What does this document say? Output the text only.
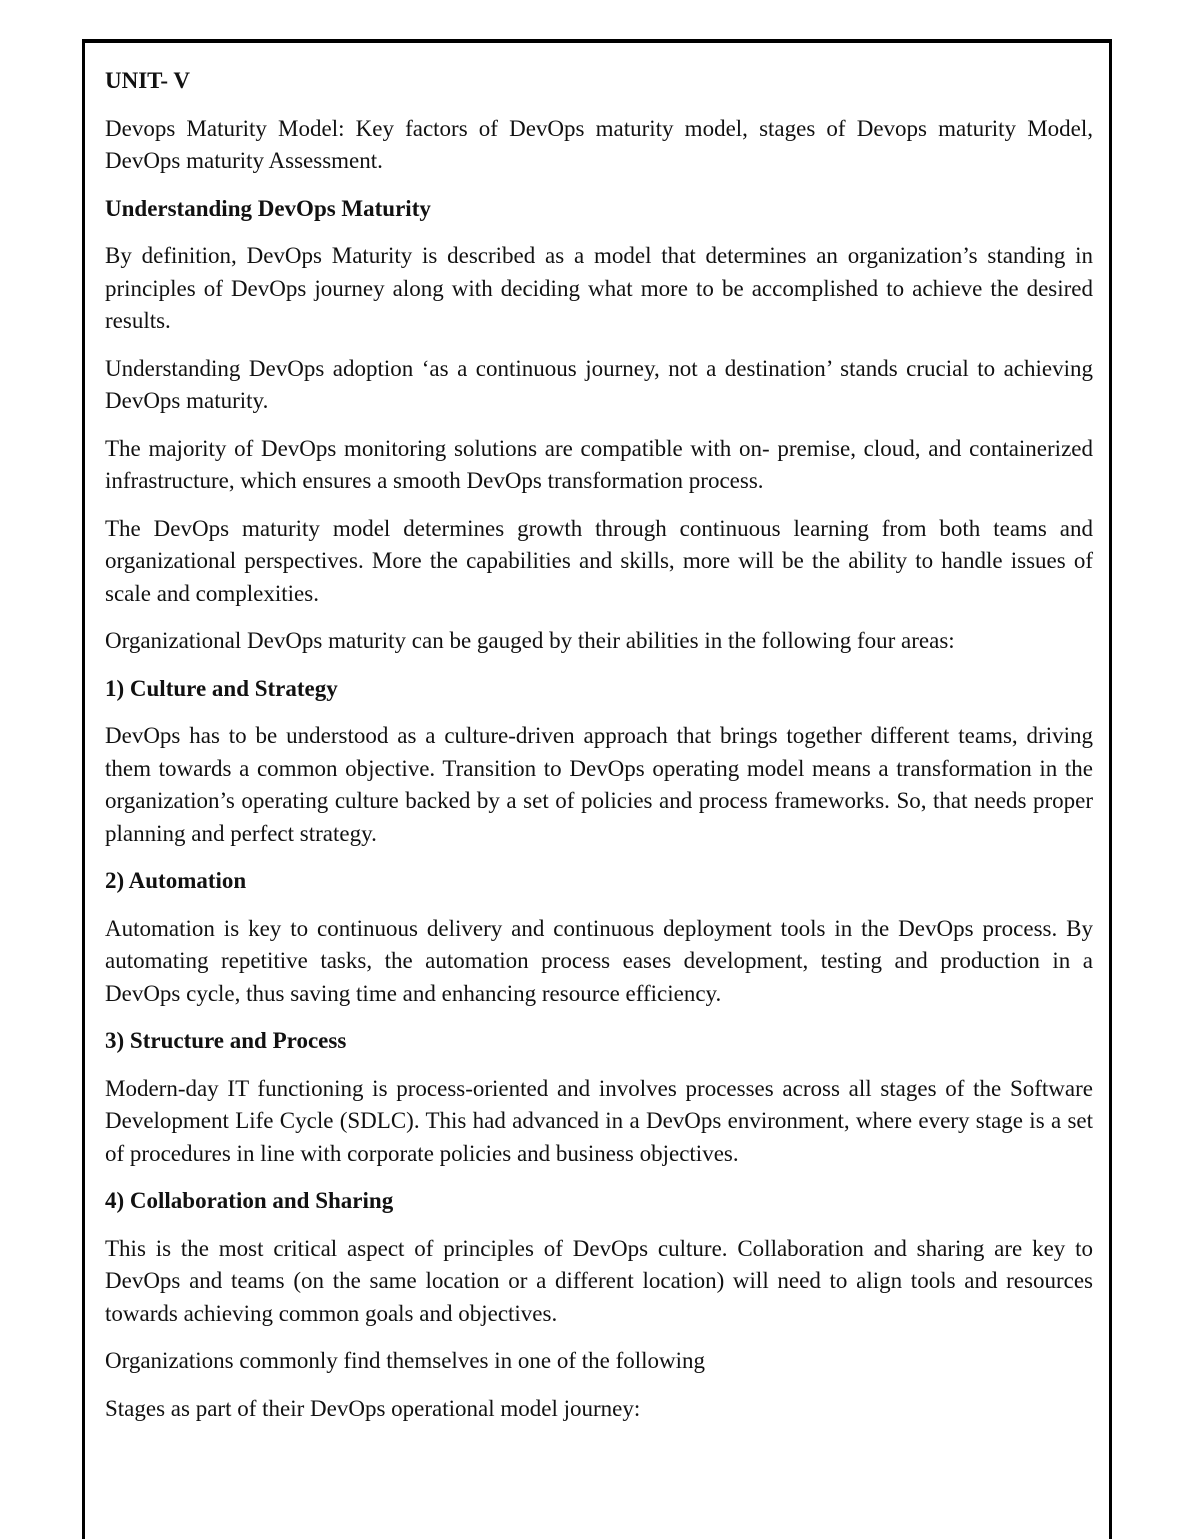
UNIT- V

Devops Maturity Model: Key factors of DevOps maturity model, stages of Devops maturity Model, DevOps maturity Assessment.

Understanding DevOps Maturity

By definition, DevOps Maturity is described as a model that determines an organization’s standing in principles of DevOps journey along with deciding what more to be accomplished to achieve the desired results.

Understanding DevOps adoption ‘as a continuous journey, not a destination’ stands crucial to achieving DevOps maturity.

The majority of DevOps monitoring solutions are compatible with on- premise, cloud, and containerized infrastructure, which ensures a smooth DevOps transformation process.

The DevOps maturity model determines growth through continuous learning from both teams and organizational perspectives. More the capabilities and skills, more will be the ability to handle issues of scale and complexities.

Organizational DevOps maturity can be gauged by their abilities in the following four areas:

1) Culture and Strategy

DevOps has to be understood as a culture-driven approach that brings together different teams, driving them towards a common objective. Transition to DevOps operating model means a transformation in the organization’s operating culture backed by a set of policies and process frameworks. So, that needs proper planning and perfect strategy.

2) Automation

Automation is key to continuous delivery and continuous deployment tools in the DevOps process. By automating repetitive tasks, the automation process eases development, testing and production in a DevOps cycle, thus saving time and enhancing resource efficiency.

3) Structure and Process

Modern-day IT functioning is process-oriented and involves processes across all stages of the Software Development Life Cycle (SDLC). This had advanced in a DevOps environment, where every stage is a set of procedures in line with corporate policies and business objectives.

4) Collaboration and Sharing

This is the most critical aspect of principles of DevOps culture. Collaboration and sharing are key to DevOps and teams (on the same location or a different location) will need to align tools and resources towards achieving common goals and objectives.

Organizations commonly find themselves in one of the following

Stages as part of their DevOps operational model journey:
